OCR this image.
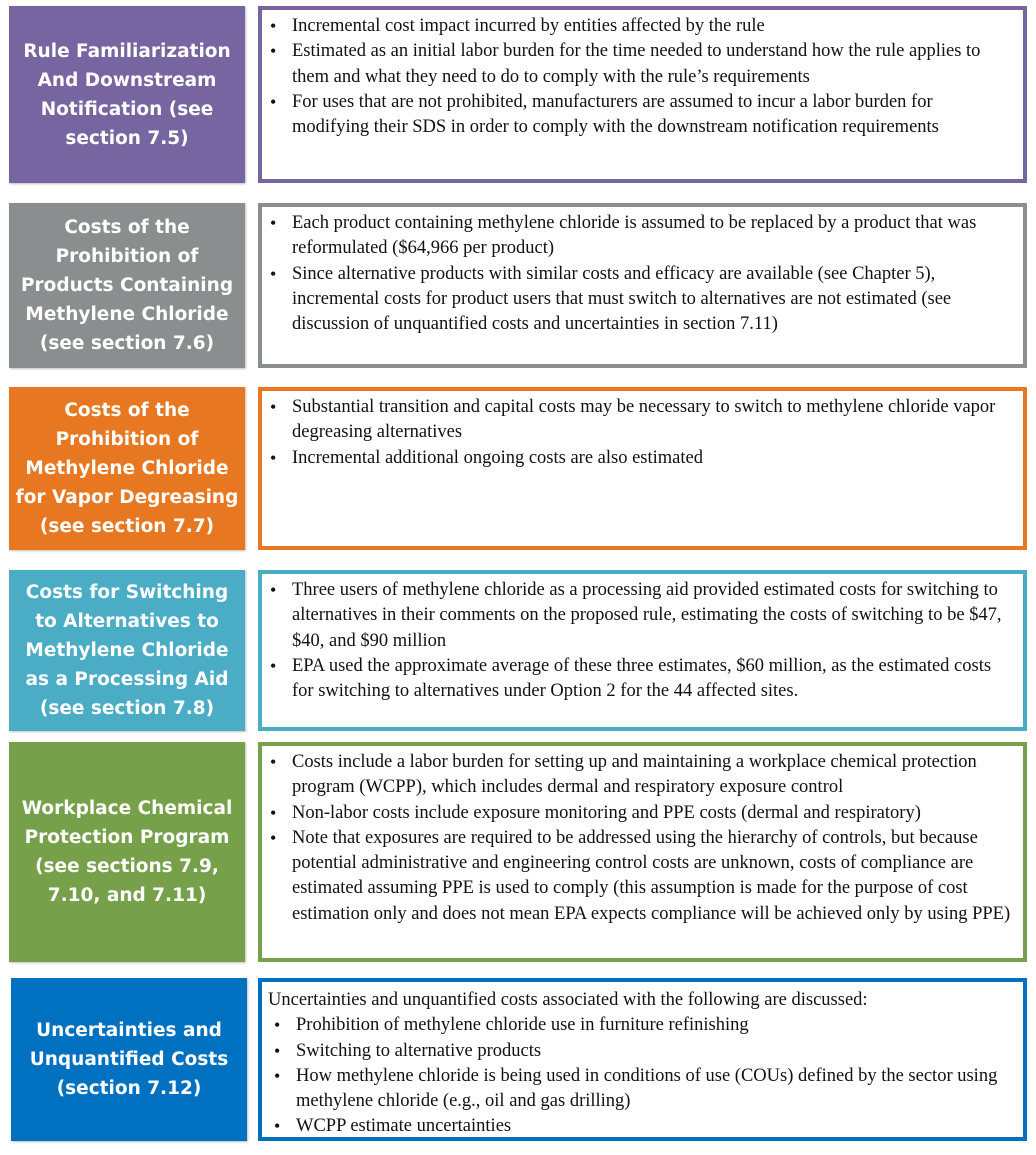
Rule Familiarization And Downstream Notification (see section 7.5)
• Incremental cost impact incurred by entities affected by the rule
• Estimated as an initial labor burden for the time needed to understand how the rule applies to them and what they need to do to comply with the rule’s requirements
• For uses that are not prohibited, manufacturers are assumed to incur a labor burden for modifying their SDS in order to comply with the downstream notification requirements
Costs of the Prohibition of Products Containing Methylene Chloride (see section 7.6)
• Each product containing methylene chloride is assumed to be replaced by a product that was reformulated ($64,966 per product)
• Since alternative products with similar costs and efficacy are available (see Chapter 5), incremental costs for product users that must switch to alternatives are not estimated (see discussion of unquantified costs and uncertainties in section 7.11)
Costs of the Prohibition of Methylene Chloride for Vapor Degreasing (see section 7.7)
• Substantial transition and capital costs may be necessary to switch to methylene chloride vapor degreasing alternatives
• Incremental additional ongoing costs are also estimated
Costs for Switching to Alternatives to Methylene Chloride as a Processing Aid (see section 7.8)
• Three users of methylene chloride as a processing aid provided estimated costs for switching to alternatives in their comments on the proposed rule, estimating the costs of switching to be $47, $40, and $90 million
• EPA used the approximate average of these three estimates, $60 million, as the estimated costs for switching to alternatives under Option 2 for the 44 affected sites.
Workplace Chemical Protection Program (see sections 7.9, 7.10, and 7.11)
• Costs include a labor burden for setting up and maintaining a workplace chemical protection program (WCPP), which includes dermal and respiratory exposure control
• Non-labor costs include exposure monitoring and PPE costs (dermal and respiratory)
• Note that exposures are required to be addressed using the hierarchy of controls, but because potential administrative and engineering control costs are unknown, costs of compliance are estimated assuming PPE is used to comply (this assumption is made for the purpose of cost estimation only and does not mean EPA expects compliance will be achieved only by using PPE)
Uncertainties and Unquantified Costs (section 7.12)
Uncertainties and unquantified costs associated with the following are discussed:
• Prohibition of methylene chloride use in furniture refinishing
• Switching to alternative products
• How methylene chloride is being used in conditions of use (COUs) defined by the sector using methylene chloride (e.g., oil and gas drilling)
• WCPP estimate uncertainties
